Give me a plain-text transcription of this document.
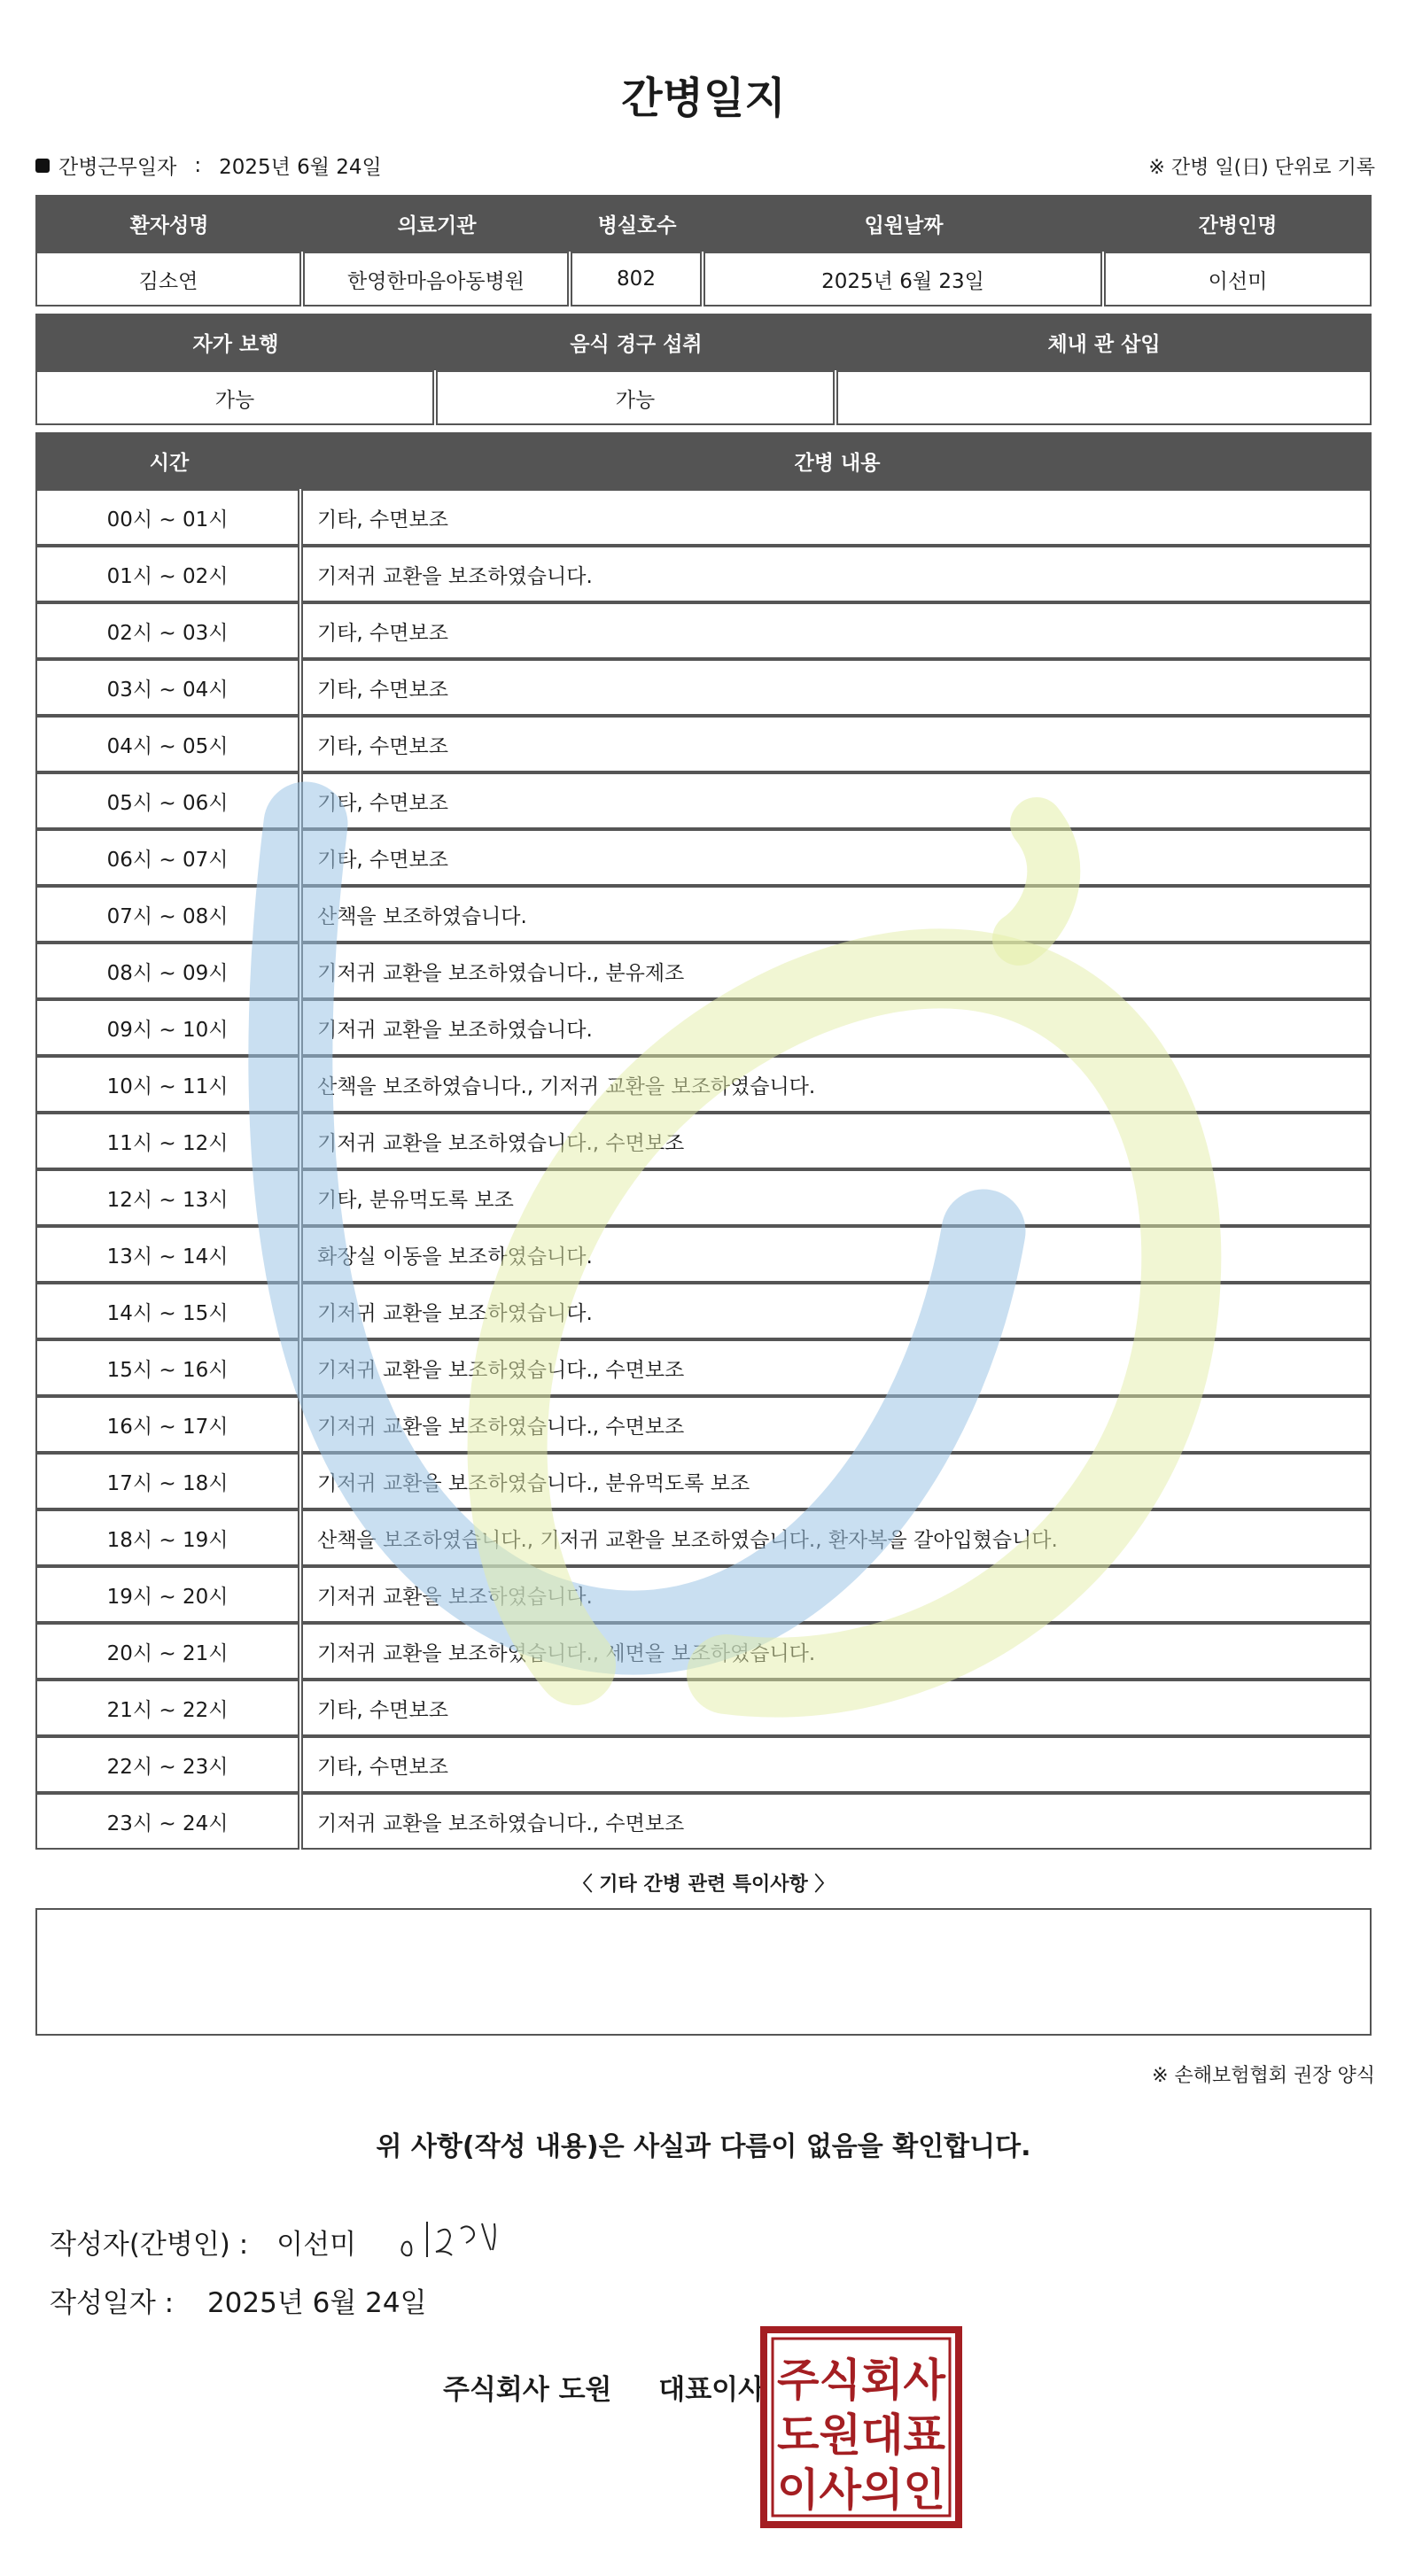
간병일지
간병근무일자 : 2025년 6월 24일	※ 간병 일(日) 단위로 기록
환자성명	의료기관	병실호수	입원날짜	간병인명
김소연	한영한마음아동병원	802	2025년 6월 23일	이선미
자가 보행	음식 경구 섭취	체내 관 삽입
가능	가능
시간	간병 내용
00시 ~ 01시	기타, 수면보조
01시 ~ 02시	기저귀 교환을 보조하였습니다.
02시 ~ 03시	기타, 수면보조
03시 ~ 04시	기타, 수면보조
04시 ~ 05시	기타, 수면보조
05시 ~ 06시	기타, 수면보조
06시 ~ 07시	기타, 수면보조
07시 ~ 08시	산책을 보조하였습니다.
08시 ~ 09시	기저귀 교환을 보조하였습니다., 분유제조
09시 ~ 10시	기저귀 교환을 보조하였습니다.
10시 ~ 11시	산책을 보조하였습니다., 기저귀 교환을 보조하였습니다.
11시 ~ 12시	기저귀 교환을 보조하였습니다., 수면보조
12시 ~ 13시	기타, 분유먹도록 보조
13시 ~ 14시	화장실 이동을 보조하였습니다.
14시 ~ 15시	기저귀 교환을 보조하였습니다.
15시 ~ 16시	기저귀 교환을 보조하였습니다., 수면보조
16시 ~ 17시	기저귀 교환을 보조하였습니다., 수면보조
17시 ~ 18시	기저귀 교환을 보조하였습니다., 분유먹도록 보조
18시 ~ 19시	산책을 보조하였습니다., 기저귀 교환을 보조하였습니다., 환자복을 갈아입혔습니다.
19시 ~ 20시	기저귀 교환을 보조하였습니다.
20시 ~ 21시	기저귀 교환을 보조하였습니다., 세면을 보조하였습니다.
21시 ~ 22시	기타, 수면보조
22시 ~ 23시	기타, 수면보조
23시 ~ 24시	기저귀 교환을 보조하였습니다., 수면보조
〈 기타 간병 관련 특이사항 〉
※ 손해보험협회 권장 양식
위 사항(작성 내용)은 사실과 다름이 없음을 확인합니다.
작성자(간병인) : 이선미
작성일자 : 2025년 6월 24일
주식회사 도원 대표이사 주식회사
도원대표
이사의인
